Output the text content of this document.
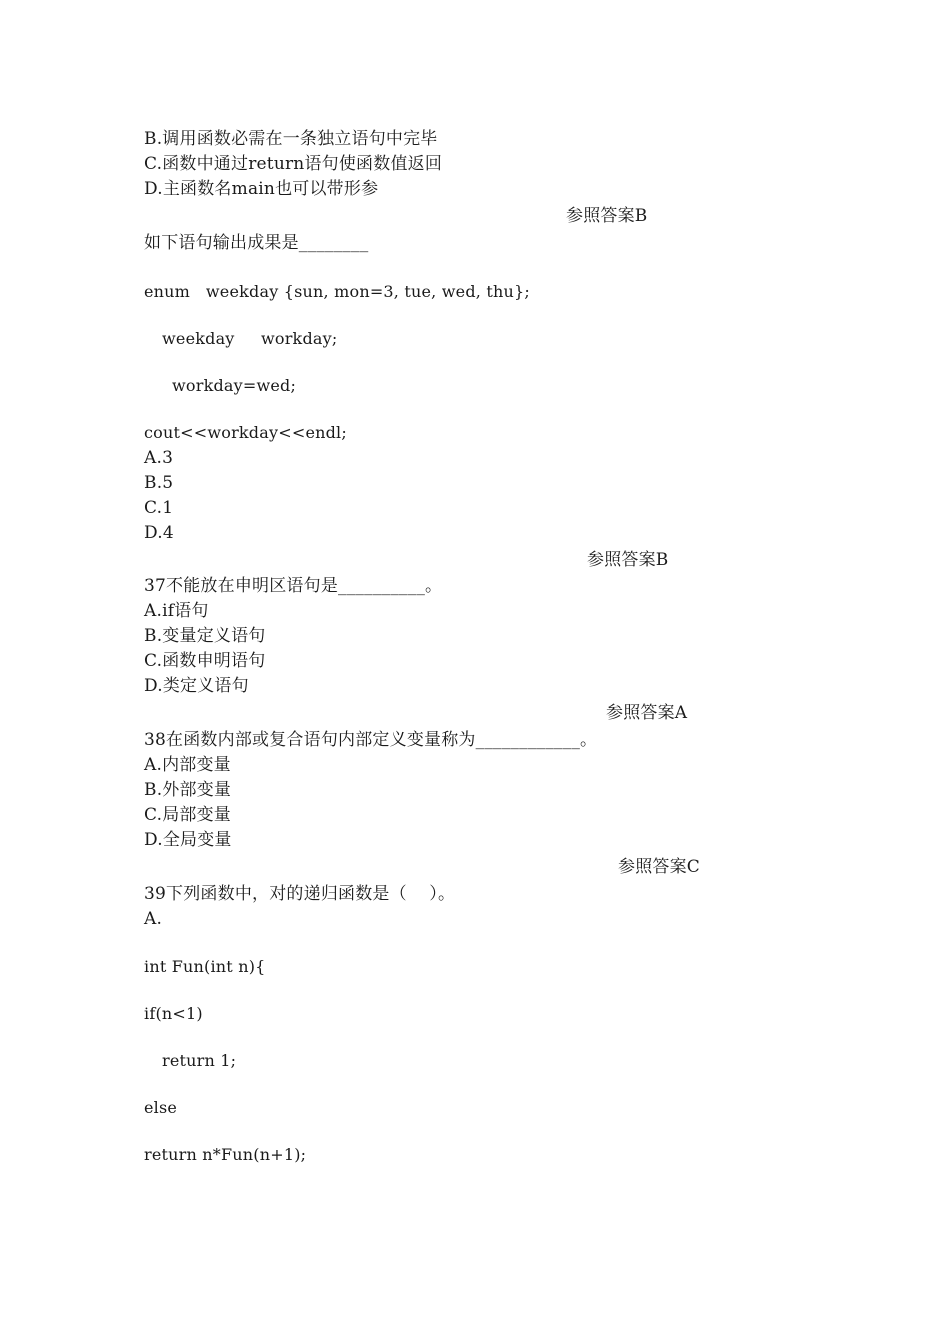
B.调用函数必需在一条独立语句中完毕
C.函数中通过return语句使函数值返回
D.主函数名main也可以带形参
参照答案B
如下语句输出成果是________
enum   weekday {sun, mon=3, tue, wed, thu};
weekday     workday;
workday=wed;
cout<<workday<<endl;
A.3
B.5
C.1
D.4
参照答案B
37不能放在申明区语句是__________。
A.if语句
B.变量定义语句
C.函数申明语句
D.类定义语句
参照答案A
38在函数内部或复合语句内部定义变量称为____________。
A.内部变量
B.外部变量
C.局部变量
D.全局变量
参照答案C
39下列函数中，对的递归函数是（    ）。
A.
int Fun(int n){
if(n<1)
return 1;
else
return n*Fun(n+1);
